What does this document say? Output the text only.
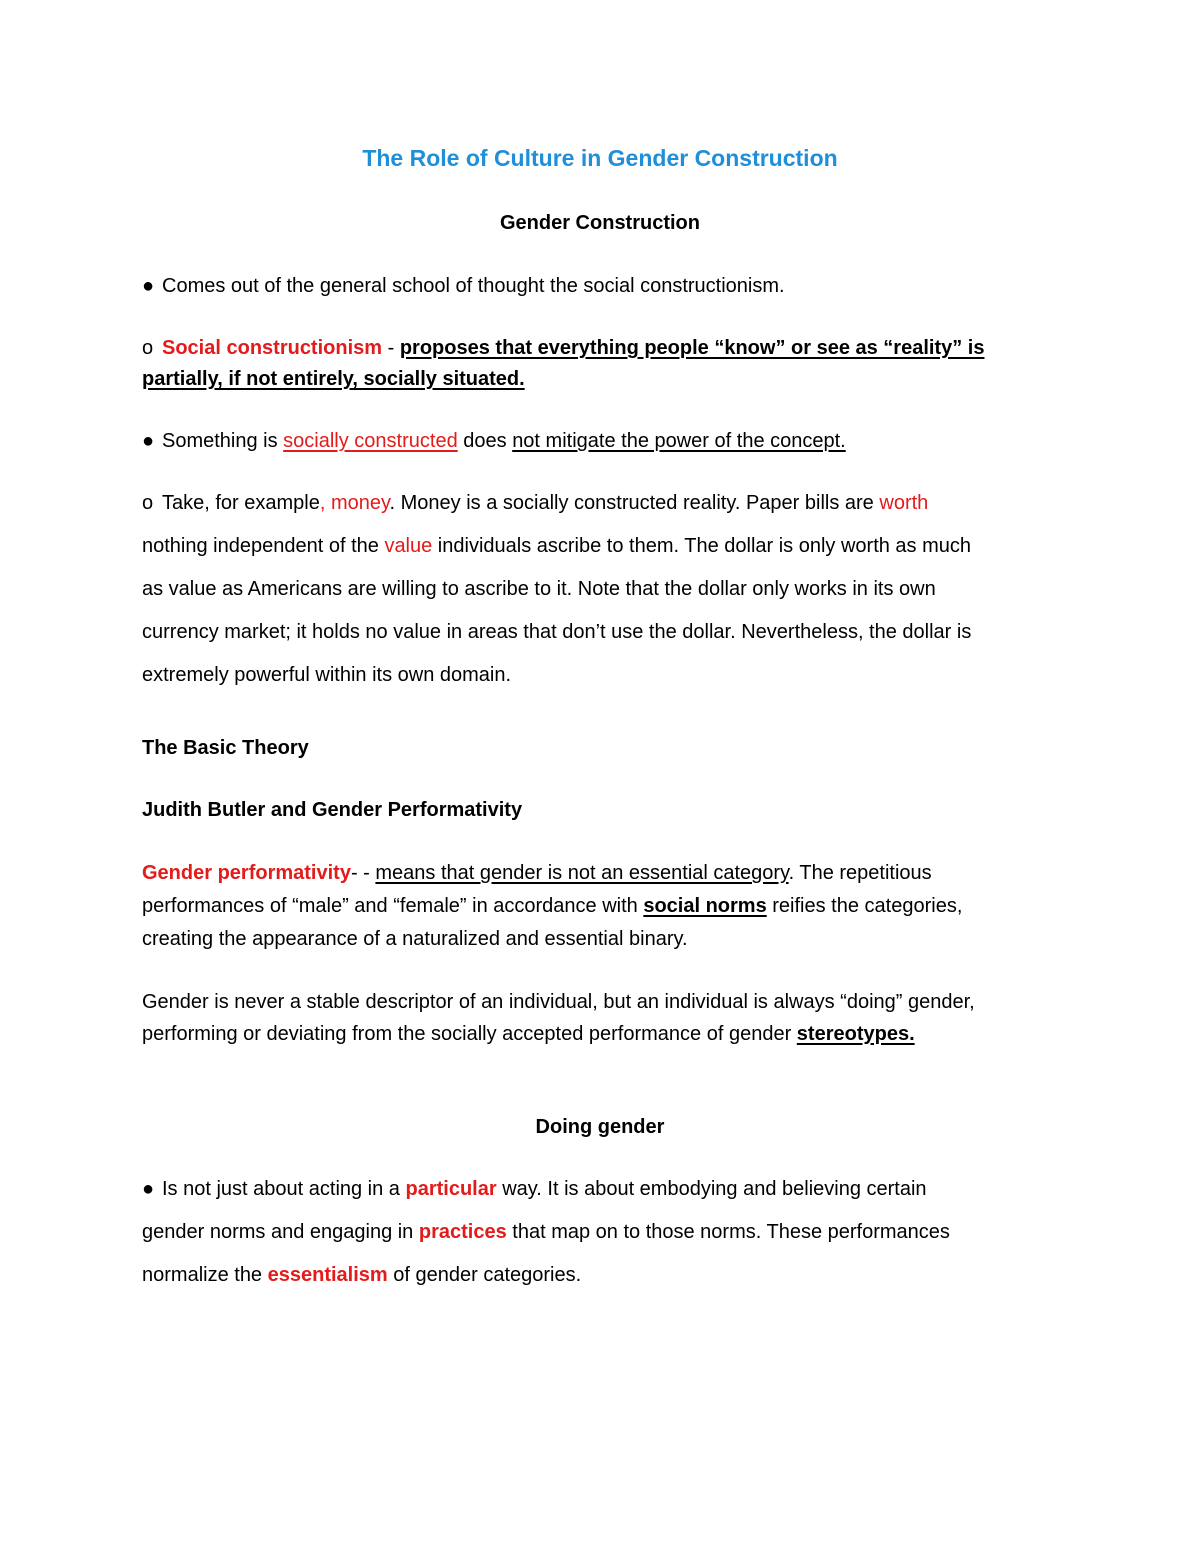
The Role of Culture in Gender Construction
Gender Construction
● Comes out of the general school of thought the social constructionism.
o Social constructionism - proposes that everything people “know” or see as “reality” is
partially, if not entirely, socially situated.
● Something is socially constructed does not mitigate the power of the concept.
o Take, for example, money. Money is a socially constructed reality. Paper bills are worth
nothing independent of the value individuals ascribe to them. The dollar is only worth as much
as value as Americans are willing to ascribe to it. Note that the dollar only works in its own
currency market; it holds no value in areas that don’t use the dollar. Nevertheless, the dollar is
extremely powerful within its own domain.
The Basic Theory
Judith Butler and Gender Performativity
Gender performativity- - means that gender is not an essential category. The repetitious
performances of “male” and “female” in accordance with social norms reifies the categories,
creating the appearance of a naturalized and essential binary.
Gender is never a stable descriptor of an individual, but an individual is always “doing” gender,
performing or deviating from the socially accepted performance of gender stereotypes.
Doing gender
● Is not just about acting in a particular way. It is about embodying and believing certain
gender norms and engaging in practices that map on to those norms. These performances
normalize the essentialism of gender categories.
